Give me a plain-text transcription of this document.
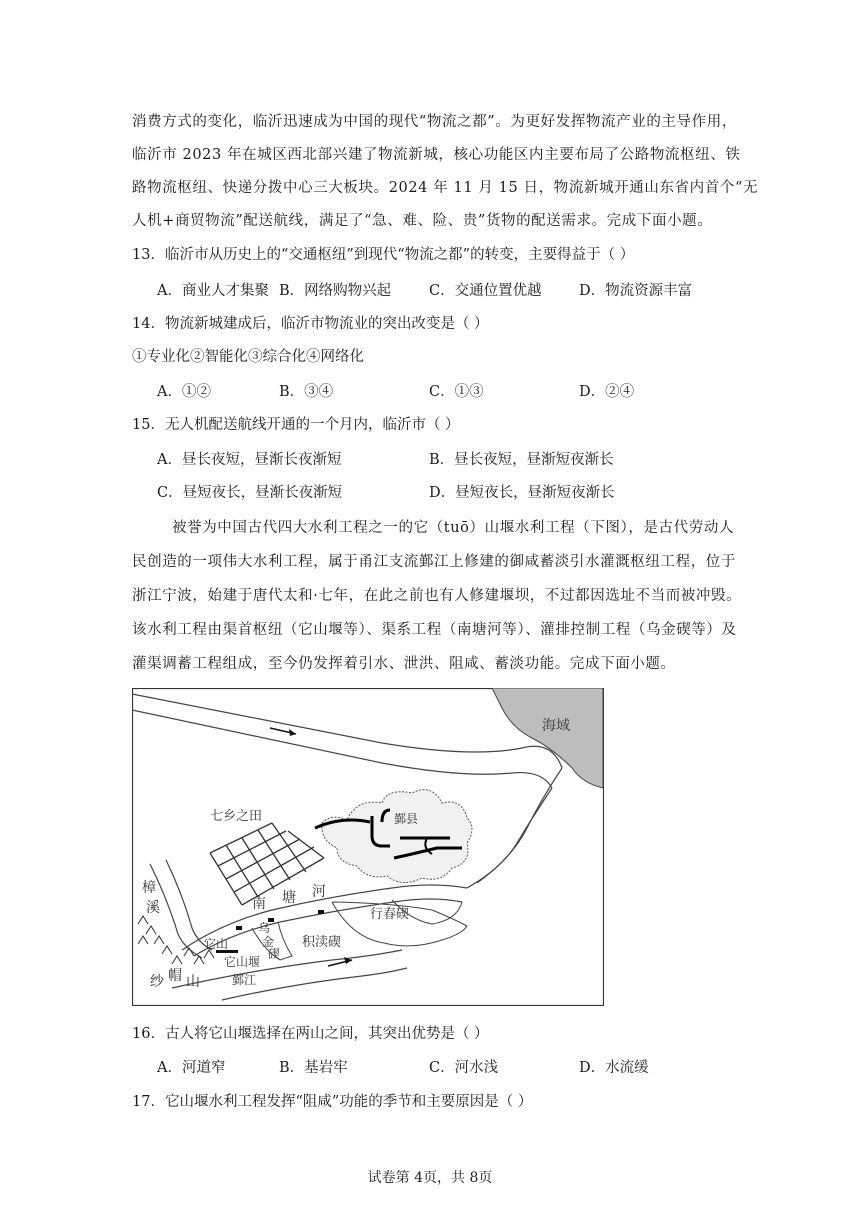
消费方式的变化，临沂迅速成为中国的现代“物流之都”。为更好发挥物流产业的主导作用，
临沂市 2023 年在城区西北部兴建了物流新城，核心功能区内主要布局了公路物流枢纽、铁
路物流枢纽、快递分拨中心三大板块。2024 年 11 月 15 日，物流新城开通山东省内首个“无
人机+商贸物流”配送航线，满足了“急、难、险、贵”货物的配送需求。完成下面小题。
13．临沂市从历史上的“交通枢纽”到现代“物流之都”的转变，主要得益于（ ）
A．商业人才集聚 B．网络购物兴起	C．交通位置优越	D．物流资源丰富
14．物流新城建成后，临沂市物流业的突出改变是（ ）
①专业化②智能化③综合化④网络化
A．①②	B．③④	C．①③	D．②④
15．无人机配送航线开通的一个月内，临沂市（ ）
A．昼长夜短，昼渐长夜渐短	B．昼长夜短，昼渐短夜渐长
C．昼短夜长，昼渐长夜渐短	D．昼短夜长，昼渐短夜渐长
被誉为中国古代四大水利工程之一的它（tuō）山堰水利工程（下图），是古代劳动人
民创造的一项伟大水利工程，属于甬江支流鄞江上修建的御咸蓄淡引水灌溉枢纽工程，位于
浙江宁波，始建于唐代太和·七年，在此之前也有人修建堰坝，不过都因选址不当而被冲毁。
该水利工程由渠首枢纽（它山堰等）、渠系工程（南塘河等）、灌排控制工程（乌金碶等）及
灌渠调蓄工程组成，至今仍发挥着引水、泄洪、阻咸、蓄淡功能。完成下面小题。
海域
鄞县
七乡之田
南 塘 河
积渎碶
行春碶
乌
金
碶
樟
溪
鄞江
它山
它山堰
纱 帽 山
16．古人将它山堰选择在两山之间，其突出优势是（ ）
A．河道窄	B．基岩牢	C．河水浅	D．水流缓
17．它山堰水利工程发挥“阻咸”功能的季节和主要原因是（ ）
试卷第 4页，共 8页
